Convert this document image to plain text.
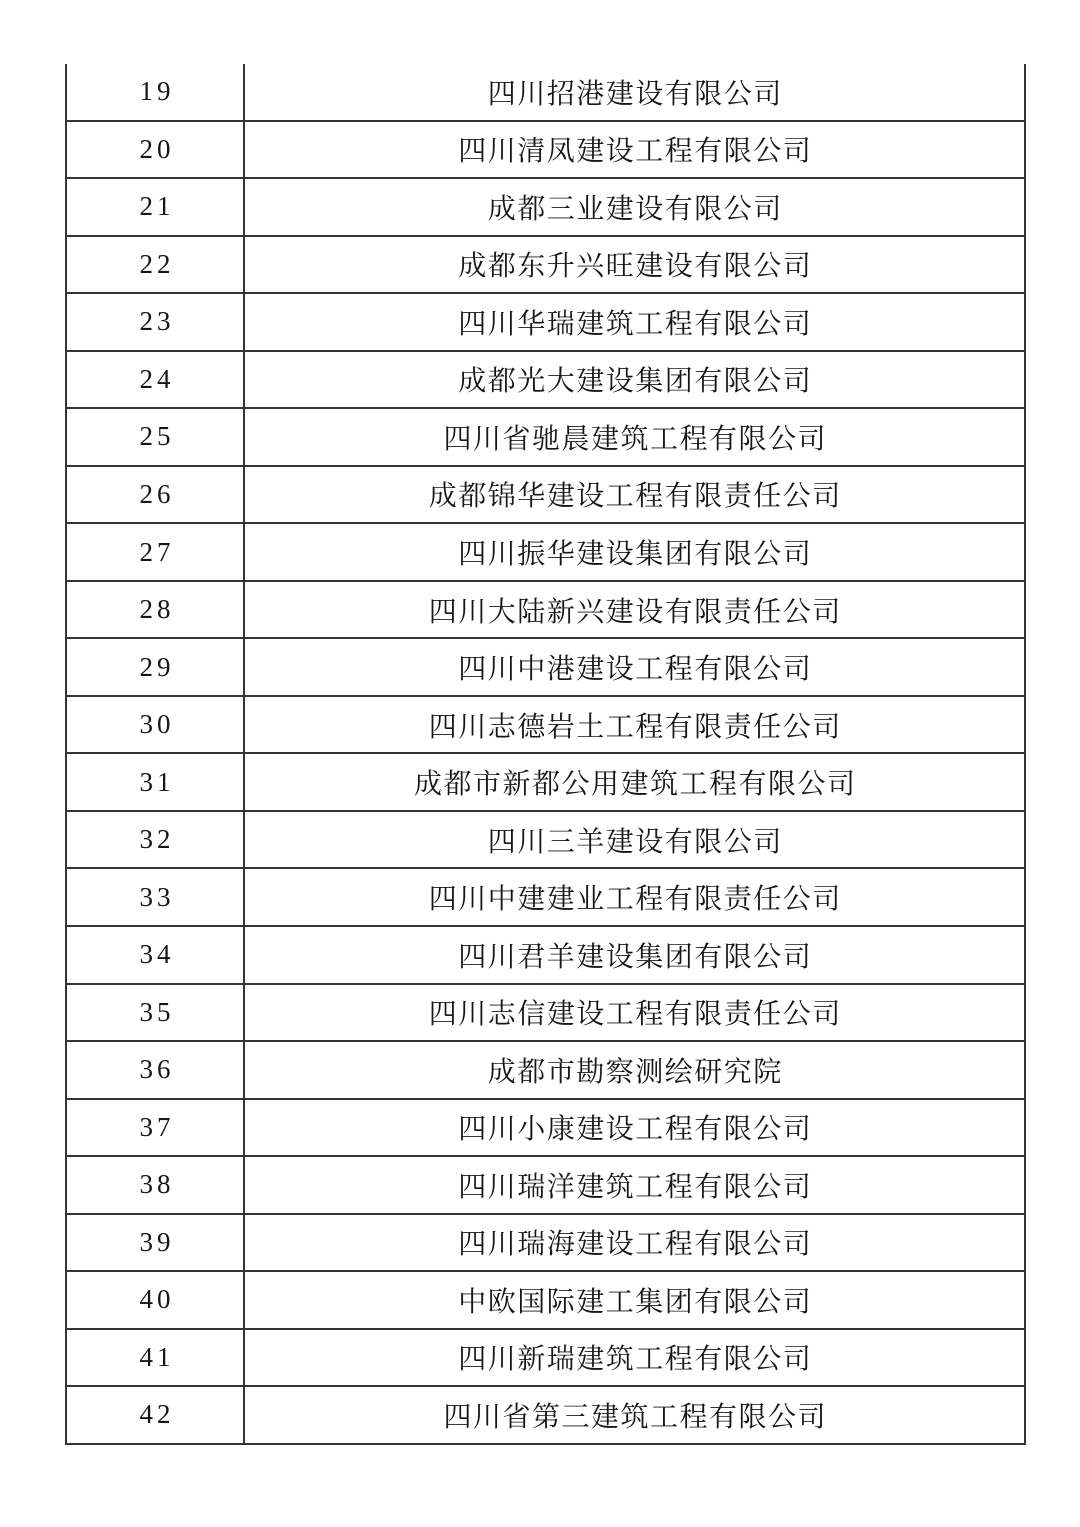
19	四川招港建设有限公司
20	四川清凤建设工程有限公司
21	成都三业建设有限公司
22	成都东升兴旺建设有限公司
23	四川华瑞建筑工程有限公司
24	成都光大建设集团有限公司
25	四川省驰晨建筑工程有限公司
26	成都锦华建设工程有限责任公司
27	四川振华建设集团有限公司
28	四川大陆新兴建设有限责任公司
29	四川中港建设工程有限公司
30	四川志德岩土工程有限责任公司
31	成都市新都公用建筑工程有限公司
32	四川三羊建设有限公司
33	四川中建建业工程有限责任公司
34	四川君羊建设集团有限公司
35	四川志信建设工程有限责任公司
36	成都市勘察测绘研究院
37	四川小康建设工程有限公司
38	四川瑞洋建筑工程有限公司
39	四川瑞海建设工程有限公司
40	中欧国际建工集团有限公司
41	四川新瑞建筑工程有限公司
42	四川省第三建筑工程有限公司
